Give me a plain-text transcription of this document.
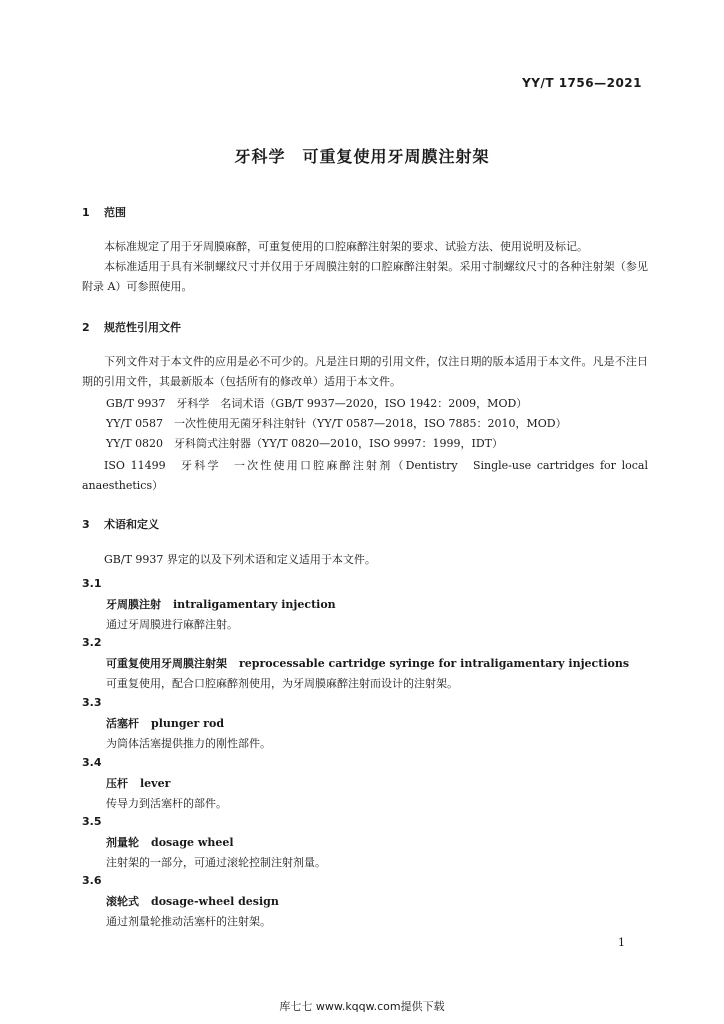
YY/T 1756—2021
牙科学　可重复使用牙周膜注射架
1 范围
本标准规定了用于牙周膜麻醉，可重复使用的口腔麻醉注射架的要求、试验方法、使用说明及标记。
本标准适用于具有米制螺纹尺寸并仅用于牙周膜注射的口腔麻醉注射架。采用寸制螺纹尺寸的各种注射架（参见附录 A）可参照使用。
2 规范性引用文件
下列文件对于本文件的应用是必不可少的。凡是注日期的引用文件，仅注日期的版本适用于本文件。凡是不注日期的引用文件，其最新版本（包括所有的修改单）适用于本文件。
GB/T 9937　牙科学　名词术语（GB/T 9937—2020，ISO 1942：2009，MOD）
YY/T 0587　一次性使用无菌牙科注射针（YY/T 0587—2018，ISO 7885：2010，MOD）
YY/T 0820　牙科筒式注射器（YY/T 0820—2010，ISO 9997：1999，IDT）
ISO 11499　牙科学　一次性使用口腔麻醉注射剂（Dentistry　Single-use cartridges for local anaesthetics）
3 术语和定义
GB/T 9937 界定的以及下列术语和定义适用于本文件。
3.1
牙周膜注射 intraligamentary injection
通过牙周膜进行麻醉注射。
3.2
可重复使用牙周膜注射架 reprocessable cartridge syringe for intraligamentary injections
可重复使用，配合口腔麻醉剂使用，为牙周膜麻醉注射而设计的注射架。
3.3
活塞杆 plunger rod
为筒体活塞提供推力的刚性部件。
3.4
压杆 lever
传导力到活塞杆的部件。
3.5
剂量轮 dosage wheel
注射架的一部分，可通过滚轮控制注射剂量。
3.6
滚轮式 dosage-wheel design
通过剂量轮推动活塞杆的注射架。
1
库七七 www.kqqw.com提供下载
